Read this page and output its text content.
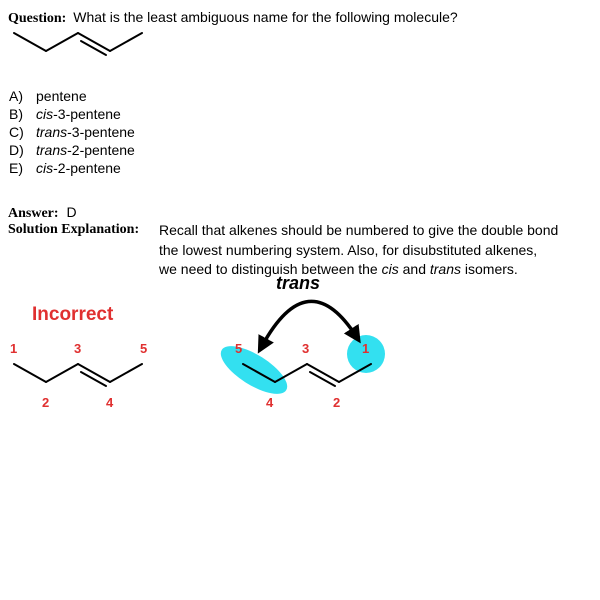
Question: What is the least ambiguous name for the following molecule?
A) pentene
B) cis-3-pentene
C) trans-3-pentene
D) trans-2-pentene
E) cis-2-pentene
Answer: D
Solution Explanation: Recall that alkenes should be numbered to give the double bond
the lowest numbering system. Also, for disubstituted alkenes,
we need to distinguish between the cis and trans isomers.
Incorrect
trans
1
2
3
4
5	5
4
3
2
1
